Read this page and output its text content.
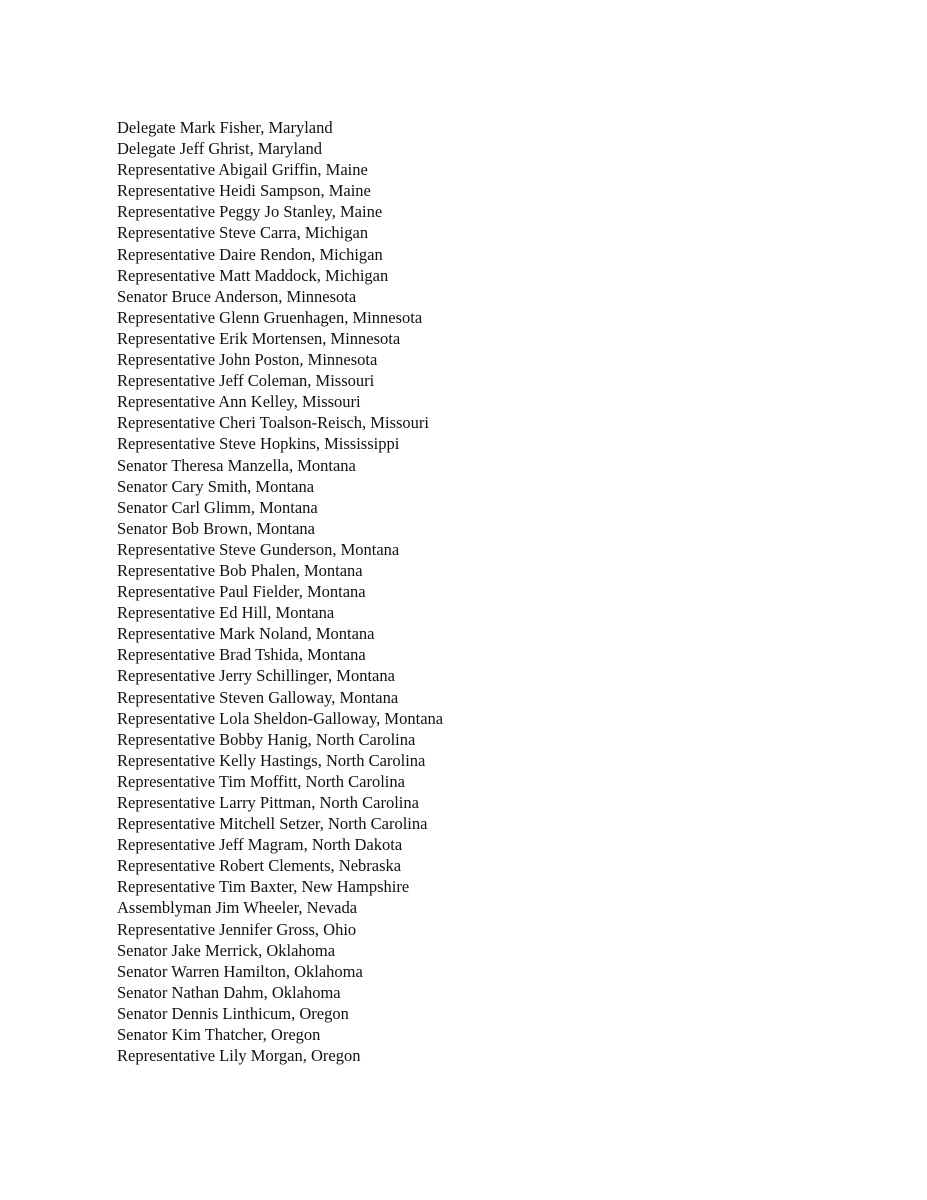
Delegate Mark Fisher, Maryland
Delegate Jeff Ghrist, Maryland
Representative Abigail Griffin, Maine
Representative Heidi Sampson, Maine
Representative Peggy Jo Stanley, Maine
Representative Steve Carra, Michigan
Representative Daire Rendon, Michigan
Representative Matt Maddock, Michigan
Senator Bruce Anderson, Minnesota
Representative Glenn Gruenhagen, Minnesota
Representative Erik Mortensen, Minnesota
Representative John Poston, Minnesota
Representative Jeff Coleman, Missouri
Representative Ann Kelley, Missouri
Representative Cheri Toalson-Reisch, Missouri
Representative Steve Hopkins, Mississippi
Senator Theresa Manzella, Montana
Senator Cary Smith, Montana
Senator Carl Glimm, Montana
Senator Bob Brown, Montana
Representative Steve Gunderson, Montana
Representative Bob Phalen, Montana
Representative Paul Fielder, Montana
Representative Ed Hill, Montana
Representative Mark Noland, Montana
Representative Brad Tshida, Montana
Representative Jerry Schillinger, Montana
Representative Steven Galloway, Montana
Representative Lola Sheldon-Galloway, Montana
Representative Bobby Hanig, North Carolina
Representative Kelly Hastings, North Carolina
Representative Tim Moffitt, North Carolina
Representative Larry Pittman, North Carolina
Representative Mitchell Setzer, North Carolina
Representative Jeff Magram, North Dakota
Representative Robert Clements, Nebraska
Representative Tim Baxter, New Hampshire
Assemblyman Jim Wheeler, Nevada
Representative Jennifer Gross, Ohio
Senator Jake Merrick, Oklahoma
Senator Warren Hamilton, Oklahoma
Senator Nathan Dahm, Oklahoma
Senator Dennis Linthicum, Oregon
Senator Kim Thatcher, Oregon
Representative Lily Morgan, Oregon
